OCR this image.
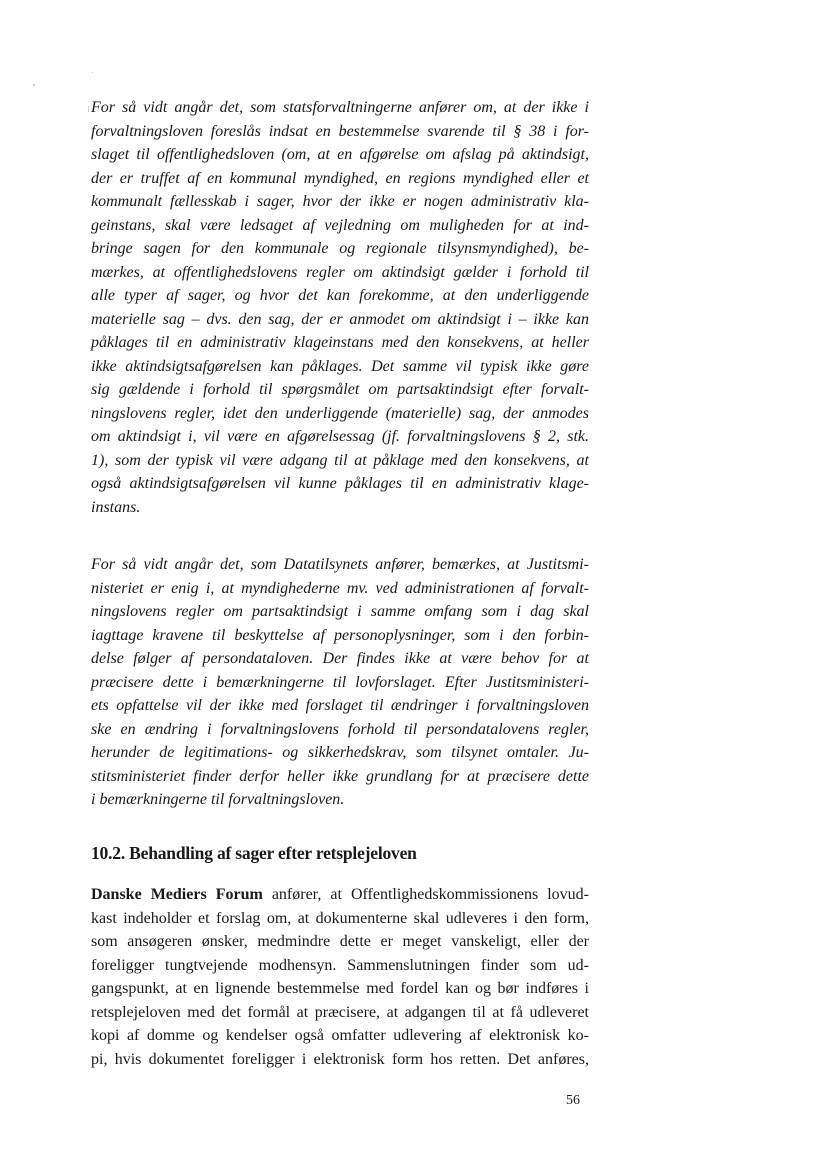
For så vidt angår det, som statsforvaltningerne anfører om, at der ikke i
forvaltningsloven foreslås indsat en bestemmelse svarende til § 38 i for-
slaget til offentlighedsloven (om, at en afgørelse om afslag på aktindsigt,
der er truffet af en kommunal myndighed, en regions myndighed eller et
kommunalt fællesskab i sager, hvor der ikke er nogen administrativ kla-
geinstans, skal være ledsaget af vejledning om muligheden for at ind-
bringe sagen for den kommunale og regionale tilsynsmyndighed), be-
mærkes, at offentlighedslovens regler om aktindsigt gælder i forhold til
alle typer af sager, og hvor det kan forekomme, at den underliggende
materielle sag – dvs. den sag, der er anmodet om aktindsigt i – ikke kan
påklages til en administrativ klageinstans med den konsekvens, at heller
ikke aktindsigtsafgørelsen kan påklages. Det samme vil typisk ikke gøre
sig gældende i forhold til spørgsmålet om partsaktindsigt efter forvalt-
ningslovens regler, idet den underliggende (materielle) sag, der anmodes
om aktindsigt i, vil være en afgørelsessag (jf. forvaltningslovens § 2, stk.
1), som der typisk vil være adgang til at påklage med den konsekvens, at
også aktindsigtsafgørelsen vil kunne påklages til en administrativ klage-
instans.
For så vidt angår det, som Datatilsynets anfører, bemærkes, at Justitsmi-
nisteriet er enig i, at myndighederne mv. ved administrationen af forvalt-
ningslovens regler om partsaktindsigt i samme omfang som i dag skal
iagttage kravene til beskyttelse af personoplysninger, som i den forbin-
delse følger af persondataloven. Der findes ikke at være behov for at
præcisere dette i bemærkningerne til lovforslaget. Efter Justitsministeri-
ets opfattelse vil der ikke med forslaget til ændringer i forvaltningsloven
ske en ændring i forvaltningslovens forhold til persondatalovens regler,
herunder de legitimations- og sikkerhedskrav, som tilsynet omtaler. Ju-
stitsministeriet finder derfor heller ikke grundlang for at præcisere dette
i bemærkningerne til forvaltningsloven.
10.2. Behandling af sager efter retsplejeloven
Danske Mediers Forum anfører, at Offentlighedskommissionens lovud-
kast indeholder et forslag om, at dokumenterne skal udleveres i den form,
som ansøgeren ønsker, medmindre dette er meget vanskeligt, eller der
foreligger tungtvejende modhensyn. Sammenslutningen finder som ud-
gangspunkt, at en lignende bestemmelse med fordel kan og bør indføres i
retsplejeloven med det formål at præcisere, at adgangen til at få udleveret
kopi af domme og kendelser også omfatter udlevering af elektronisk ko-
pi, hvis dokumentet foreligger i elektronisk form hos retten. Det anføres,
56
